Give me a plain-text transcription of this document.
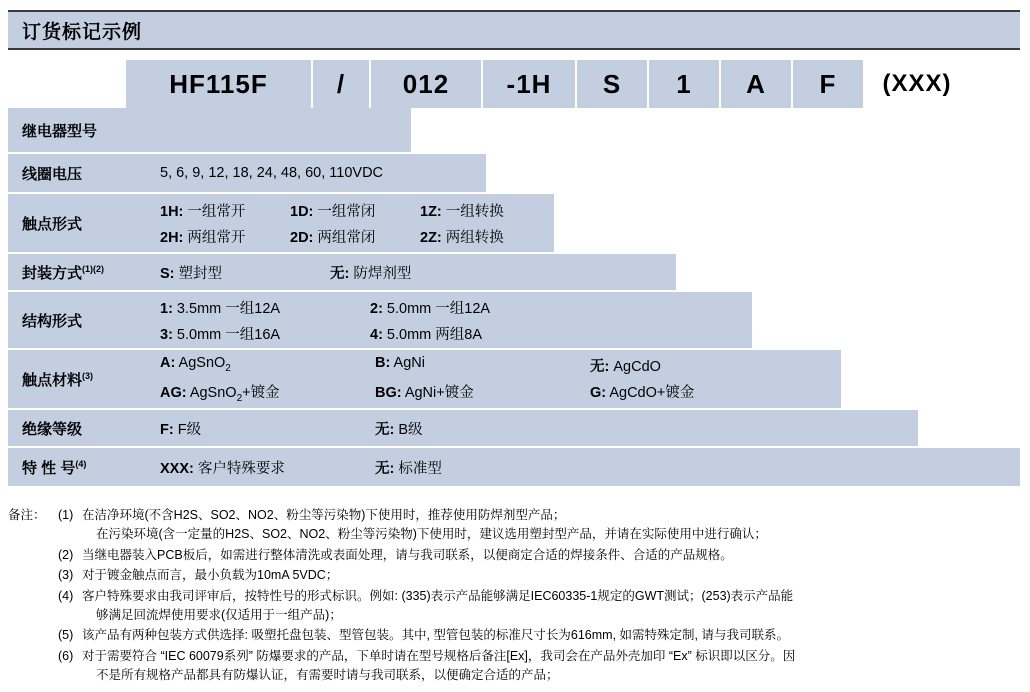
订货标记示例
HF115F	/	012	-1H	S	1	A	F	(XXX)
继电器型号
线圈电压	5, 6, 9, 12, 18, 24, 48, 60, 110VDC
触点形式
1H: 一组常开	1D: 一组常闭	1Z: 一组转换
2H: 两组常开	2D: 两组常闭	2Z: 两组转换
封装方式$^{(1)(2)}$	S: 塑封型	无: 防焊剂型
结构形式
1: 3.5mm 一组12A	2: 5.0mm 一组12A
3: 5.0mm 一组16A	4: 5.0mm 两组8A
触点材料$^{(3)}$
A: AgSnO$_2$	B: AgNi	无: AgCdO
AG: AgSnO$_2$+镀金	BG: AgNi+镀金	G: AgCdO+镀金
绝缘等级	F: F级	无: B级
特 性 号$^{(4)}$	XXX: 客户特殊要求	无: 标准型
备注： (1) 在洁净环境(不含H2S、SO2、NO2、粉尘等污染物)下使用时，推荐使用防焊剂型产品；
在污染环境(含一定量的H2S、SO2、NO2、粉尘等污染物)下使用时，建议选用塑封型产品，并请在实际使用中进行确认；
(2) 当继电器装入PCB板后，如需进行整体清洗或表面处理，请与我司联系，以便商定合适的焊接条件、合适的产品规格。
(3) 对于镀金触点而言，最小负载为10mA 5VDC；
(4) 客户特殊要求由我司评审后，按特性号的形式标识。例如: (335)表示产品能够满足IEC60335-1规定的GWT测试；(253)表示产品能
够满足回流焊使用要求(仅适用于一组产品)；
(5) 该产品有两种包装方式供选择: 吸塑托盘包装、型管包装。其中, 型管包装的标准尺寸长为616mm, 如需特殊定制, 请与我司联系。
(6) 对于需要符合 “IEC 60079系列” 防爆要求的产品，下单时请在型号规格后备注[Ex]，我司会在产品外壳加印 “Ex” 标识即以区分。因
不是所有规格产品都具有防爆认证，有需要时请与我司联系，以便确定合适的产品；
